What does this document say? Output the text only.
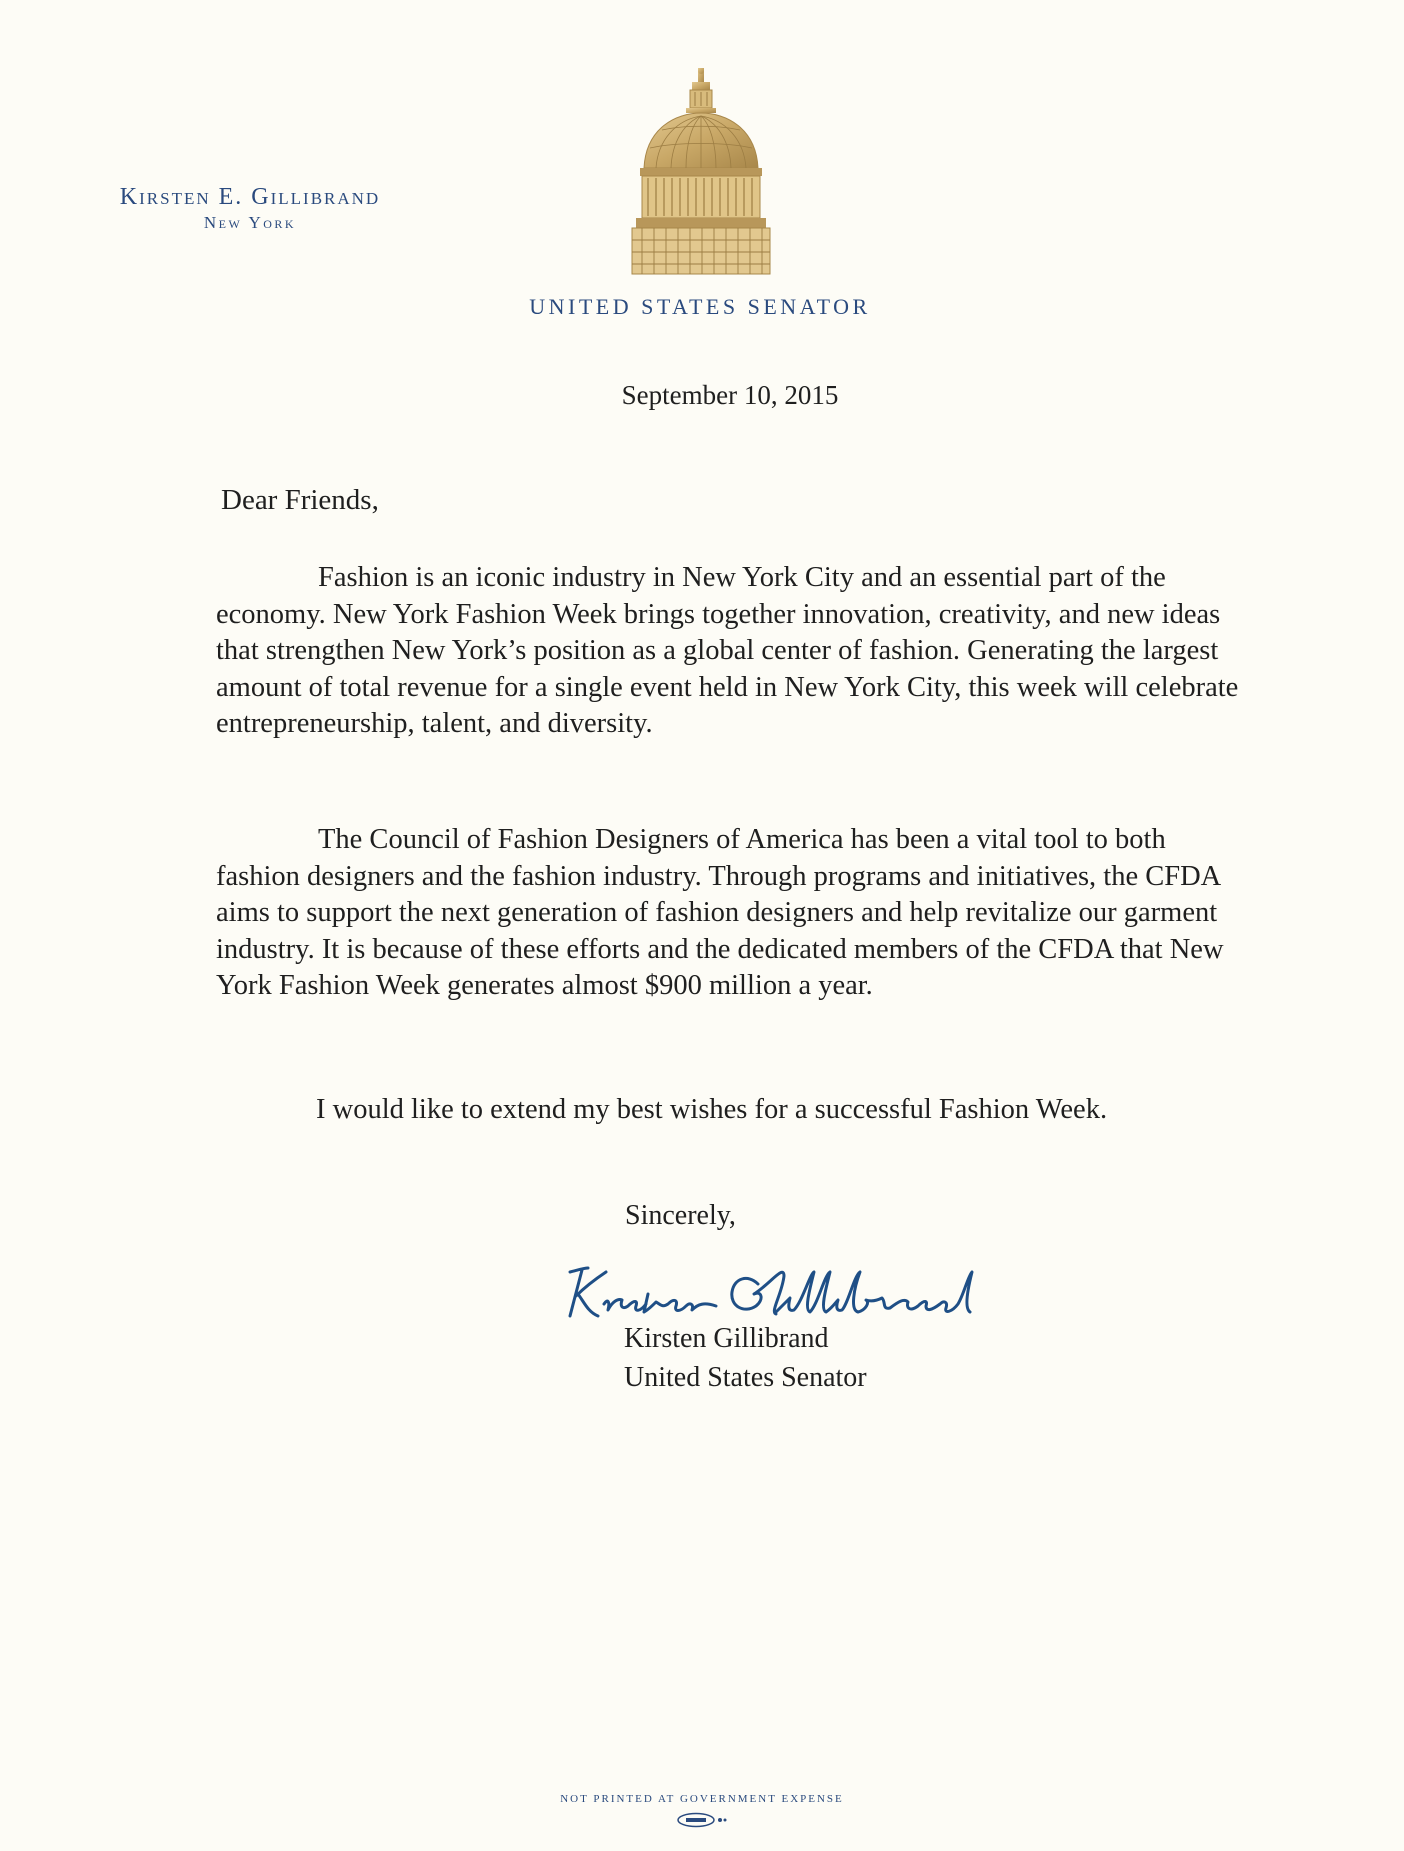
Kirsten E. Gillibrand
New York
UNITED STATES SENATOR
September 10, 2015
Dear Friends,
Fashion is an iconic industry in New York City and an essential part of the economy. New York Fashion Week brings together innovation, creativity, and new ideas that strengthen New York’s position as a global center of fashion. Generating the largest amount of total revenue for a single event held in New York City, this week will celebrate entrepreneurship, talent, and diversity.
The Council of Fashion Designers of America has been a vital tool to both fashion designers and the fashion industry. Through programs and initiatives, the CFDA aims to support the next generation of fashion designers and help revitalize our garment industry. It is because of these efforts and the dedicated members of the CFDA that New York Fashion Week generates almost $900 million a year.
I would like to extend my best wishes for a successful Fashion Week.
Sincerely,
Kirsten Gillibrand
United States Senator
NOT PRINTED AT GOVERNMENT EXPENSE
